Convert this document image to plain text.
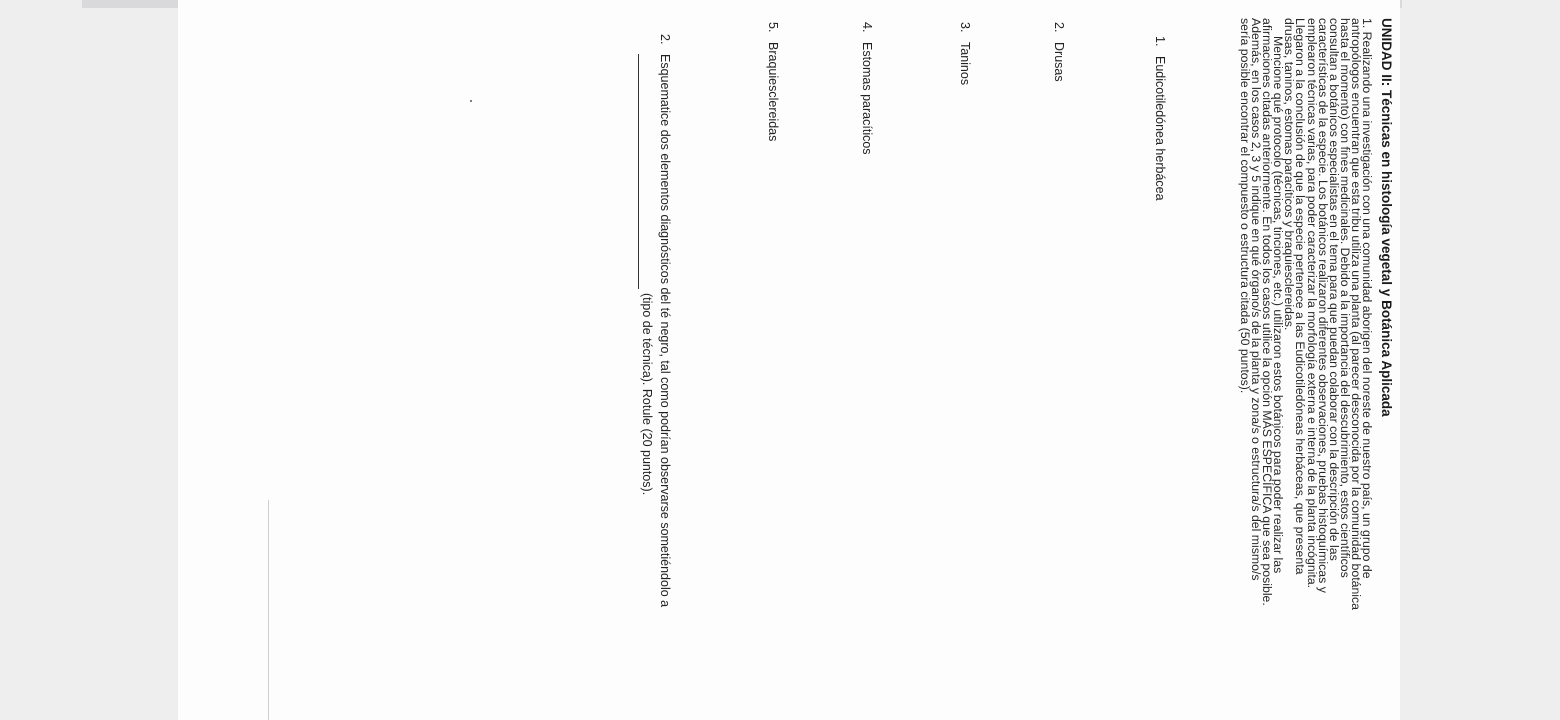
UNIDAD II: Técnicas en histología vegetal y Botánica Aplicada

1. Realizando una investigación con una comunidad aborigen del noreste de nuestro país, un grupo de

antropólogos encuentran que esta tribu utiliza una planta (al parecer desconocida por la comunidad botánica

hasta el momento) con fines medicinales. Debido a la importancia del descubrimiento, estos científicos

consultan a botánicos especialistas en el tema para que puedan colaborar con la descripción de las

características de la especie. Los botánicos realizaron diferentes observaciones, pruebas histoquímicas y

emplearon técnicas varias, para poder caracterizar la morfología externa e interna de la planta incógnita.

Llegaron a la conclusión de que la especie pertenece a las Eudicotiledóneas herbáceas, que presenta

drusas, taninos, estomas paracíticos y braquiesclereidas.

Mencione qué protocolo (técnicas, tinciones, etc.) utilizaron estos botánicos para poder realizar las

afirmaciones citadas anteriormente. En todos los casos utilice la opción MÁS ESPECÍFICA que sea posible.

Además, en los casos 2, 3 y 5 indique en qué órgano/s de la planta y zona/s o estructura/s del mismo/s

sería posible encontrar el compuesto o estructura citada (50 puntos).

1.Eudicotiledónea herbácea
2.Drusas
3.Taninos
4.Estomas paracíticos
5.Braquiesclereidas
2.
Esquematice dos elementos diagnósticos del té negro, tal como podrían observarse sometiéndolo a
(tipo de técnica). Rotule (20 puntos).
